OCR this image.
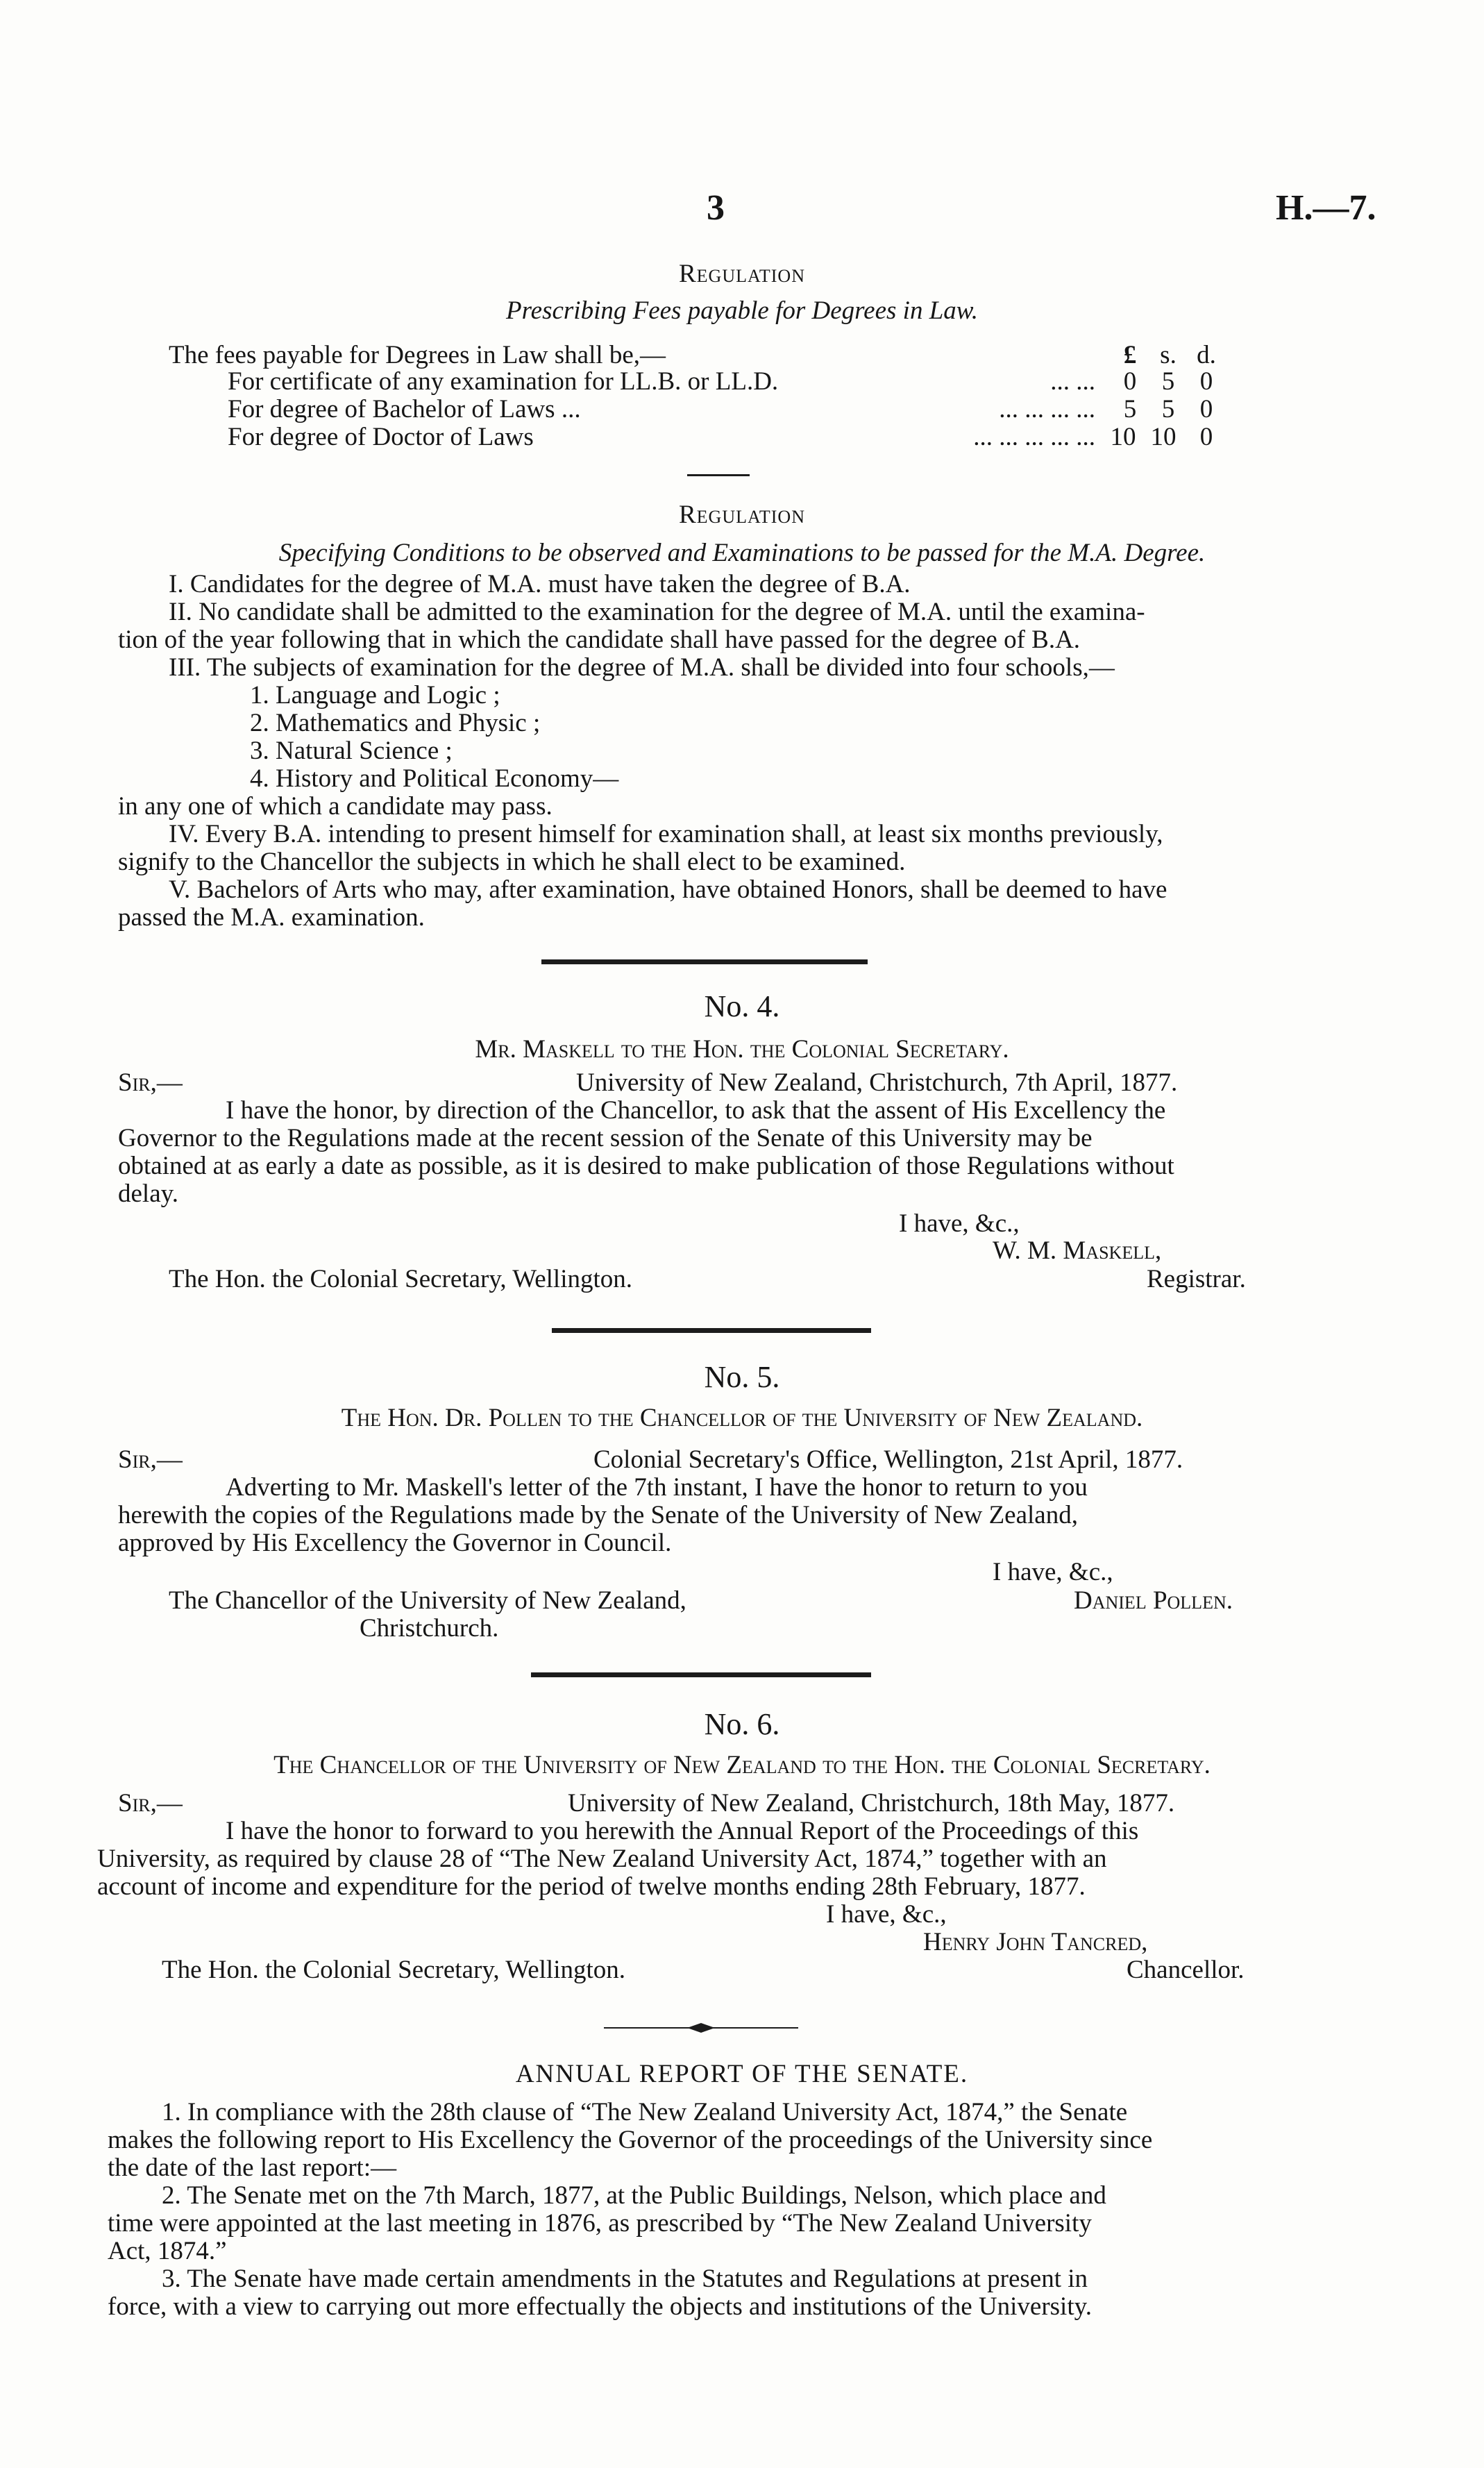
3	H.—7.
Regulation
Prescribing Fees payable for Degrees in Law.
The fees payable for Degrees in Law shall be,—	£ s. d.
For certificate of any examination for LL.B. or LL.D.	... ...	0 5 0
For degree of Bachelor of Laws ...	... ... ... ...	5 5 0
For degree of Doctor of Laws	... ... ... ... ... 10 10 0
Regulation
Specifying Conditions to be observed and Examinations to be passed for the M.A. Degree.
I. Candidates for the degree of M.A. must have taken the degree of B.A.
II. No candidate shall be admitted to the examination for the degree of M.A. until the examina-
tion of the year following that in which the candidate shall have passed for the degree of B.A.
III. The subjects of examination for the degree of M.A. shall be divided into four schools,—
1. Language and Logic ;
2. Mathematics and Physic ;
3. Natural Science ;
4. History and Political Economy—
in any one of which a candidate may pass.
IV. Every B.A. intending to present himself for examination shall, at least six months previously,
signify to the Chancellor the subjects in which he shall elect to be examined.
V. Bachelors of Arts who may, after examination, have obtained Honors, shall be deemed to have
passed the M.A. examination.
No. 4.
Mr. Maskell to the Hon. the Colonial Secretary.
Sir,—	University of New Zealand, Christchurch, 7th April, 1877.
I have the honor, by direction of the Chancellor, to ask that the assent of His Excellency the
Governor to the Regulations made at the recent session of the Senate of this University may be
obtained at as early a date as possible, as it is desired to make publication of those Regulations without
delay.
I have, &c.,
W. M. Maskell,
The Hon. the Colonial Secretary, Wellington.	Registrar.
No. 5.
The Hon. Dr. Pollen to the Chancellor of the University of New Zealand.
Sir,—	Colonial Secretary's Office, Wellington, 21st April, 1877.
Adverting to Mr. Maskell's letter of the 7th instant, I have the honor to return to you
herewith the copies of the Regulations made by the Senate of the University of New Zealand,
approved by His Excellency the Governor in Council.
I have, &c.,
The Chancellor of the University of New Zealand,	Daniel Pollen.
Christchurch.
No. 6.
The Chancellor of the University of New Zealand to the Hon. the Colonial Secretary.
Sir,—	University of New Zealand, Christchurch, 18th May, 1877.
I have the honor to forward to you herewith the Annual Report of the Proceedings of this
University, as required by clause 28 of “The New Zealand University Act, 1874,” together with an
account of income and expenditure for the period of twelve months ending 28th February, 1877.
I have, &c.,
Henry John Tancred,
The Hon. the Colonial Secretary, Wellington.	Chancellor.
ANNUAL REPORT OF THE SENATE.
1. In compliance with the 28th clause of “The New Zealand University Act, 1874,” the Senate
makes the following report to His Excellency the Governor of the proceedings of the University since
the date of the last report:—
2. The Senate met on the 7th March, 1877, at the Public Buildings, Nelson, which place and
time were appointed at the last meeting in 1876, as prescribed by “The New Zealand University
Act, 1874.”
3. The Senate have made certain amendments in the Statutes and Regulations at present in
force, with a view to carrying out more effectually the objects and institutions of the University.
